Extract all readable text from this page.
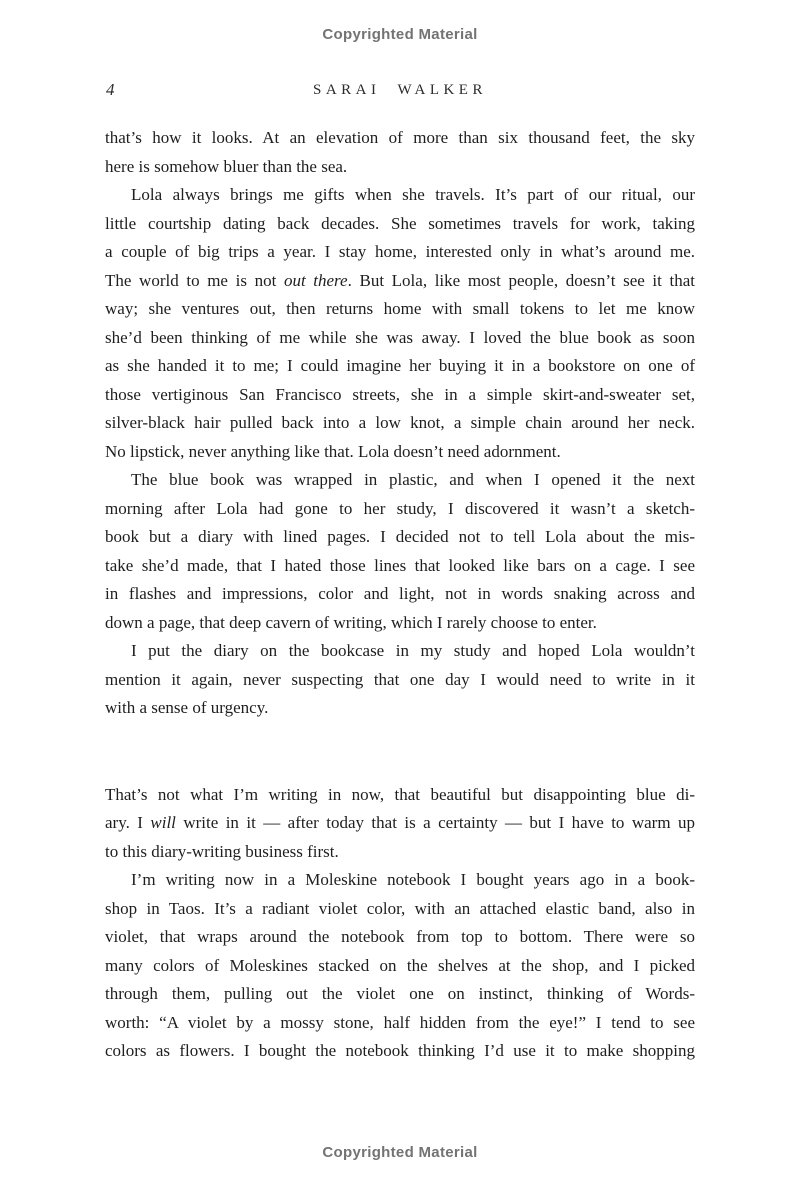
Copyrighted Material
4	SARAI WALKER
that’s how it looks. At an elevation of more than six thousand feet, the sky
here is somehow bluer than the sea.
Lola always brings me gifts when she travels. It’s part of our ritual, our
little courtship dating back decades. She sometimes travels for work, taking
a couple of big trips a year. I stay home, interested only in what’s around me.
The world to me is not out there. But Lola, like most people, doesn’t see it that
way; she ventures out, then returns home with small tokens to let me know
she’d been thinking of me while she was away. I loved the blue book as soon
as she handed it to me; I could imagine her buying it in a bookstore on one of
those vertiginous San Francisco streets, she in a simple skirt-and-sweater set,
silver-black hair pulled back into a low knot, a simple chain around her neck.
No lipstick, never anything like that. Lola doesn’t need adornment.
The blue book was wrapped in plastic, and when I opened it the next
morning after Lola had gone to her study, I discovered it wasn’t a sketch-
book but a diary with lined pages. I decided not to tell Lola about the mis-
take she’d made, that I hated those lines that looked like bars on a cage. I see
in flashes and impressions, color and light, not in words snaking across and
down a page, that deep cavern of writing, which I rarely choose to enter.
I put the diary on the bookcase in my study and hoped Lola wouldn’t
mention it again, never suspecting that one day I would need to write in it
with a sense of urgency.
That’s not what I’m writing in now, that beautiful but disappointing blue di-
ary. I will write in it — after today that is a certainty — but I have to warm up
to this diary-writing business first.
I’m writing now in a Moleskine notebook I bought years ago in a book-
shop in Taos. It’s a radiant violet color, with an attached elastic band, also in
violet, that wraps around the notebook from top to bottom. There were so
many colors of Moleskines stacked on the shelves at the shop, and I picked
through them, pulling out the violet one on instinct, thinking of Words-
worth: “A violet by a mossy stone, half hidden from the eye!” I tend to see
colors as flowers. I bought the notebook thinking I’d use it to make shopping
Copyrighted Material
